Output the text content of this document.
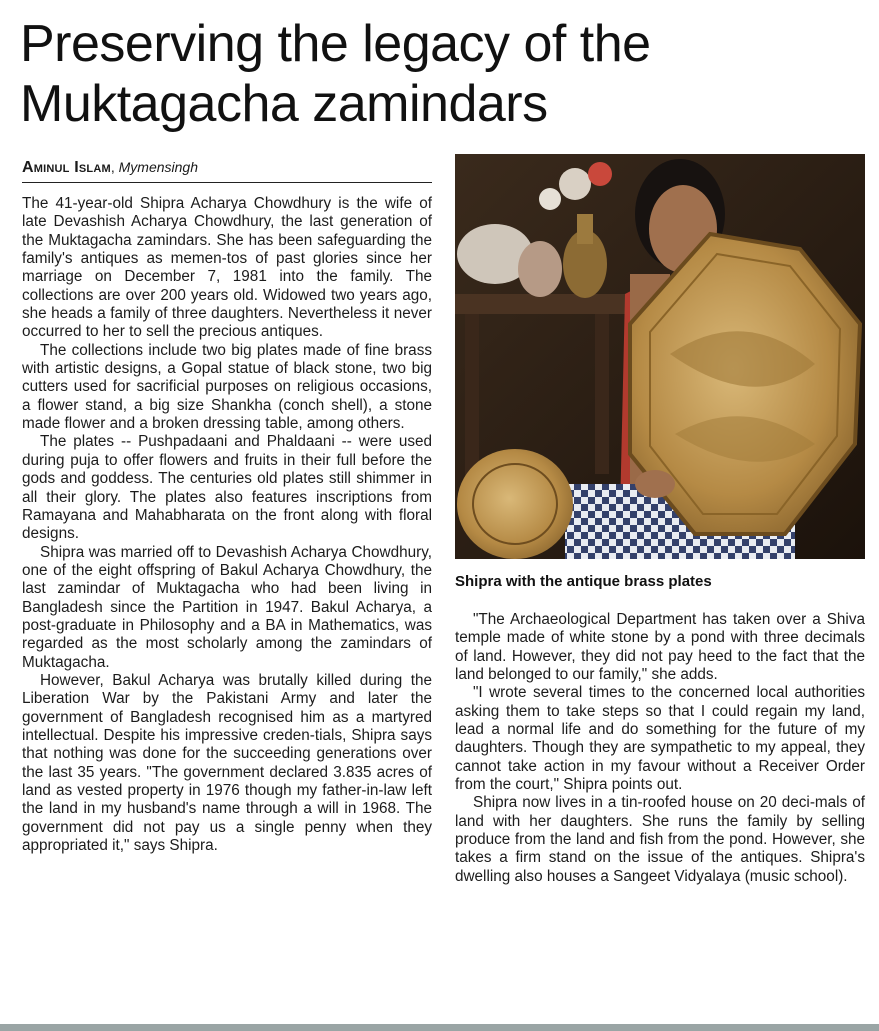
Preserving the legacy of the Muktagacha zamindars
Aminul Islam, Mymensingh

The 41-year-old Shipra Acharya Chowdhury is the wife of late Devashish Acharya Chowdhury, the last generation of the Muktagacha zamindars. She has been safeguarding the family's antiques as memen-tos of past glories since her marriage on December 7, 1981 into the family. The collections are over 200 years old. Widowed two years ago, she heads a family of three daughters. Nevertheless it never occurred to her to sell the precious antiques.

The collections include two big plates made of fine brass with artistic designs, a Gopal statue of black stone, two big cutters used for sacrificial purposes on religious occasions, a flower stand, a big size Shankha (conch shell), a stone made flower and a broken dressing table, among others.

The plates -- Pushpadaani and Phaldaani -- were used during puja to offer flowers and fruits in their full before the gods and goddess. The centuries old plates still shimmer in all their glory. The plates also features inscriptions from Ramayana and Mahabharata on the front along with floral designs.

Shipra was married off to Devashish Acharya Chowdhury, one of the eight offspring of Bakul Acharya Chowdhury, the last zamindar of Muktagacha who had been living in Bangladesh since the Partition in 1947. Bakul Acharya, a post-graduate in Philosophy and a BA in Mathematics, was regarded as the most scholarly among the zamindars of Muktagacha.

However, Bakul Acharya was brutally killed during the Liberation War by the Pakistani Army and later the government of Bangladesh recognised him as a martyred intellectual. Despite his impressive creden-tials, Shipra says that nothing was done for the succeeding generations over the last 35 years. "The government declared 3.835 acres of land as vested property in 1976 though my father-in-law left the land in my husband's name through a will in 1968. The government did not pay us a single penny when they appropriated it," says Shipra.

Shipra with the antique brass plates

"The Archaeological Department has taken over a Shiva temple made of white stone by a pond with three decimals of land. However, they did not pay heed to the fact that the land belonged to our family," she adds.

"I wrote several times to the concerned local authorities asking them to take steps so that I could regain my land, lead a normal life and do something for the future of my daughters. Though they are sympathetic to my appeal, they cannot take action in my favour without a Receiver Order from the court," Shipra points out.

Shipra now lives in a tin-roofed house on 20 deci-mals of land with her daughters. She runs the family by selling produce from the land and fish from the pond. However, she takes a firm stand on the issue of the antiques. Shipra's dwelling also houses a Sangeet Vidyalaya (music school).
